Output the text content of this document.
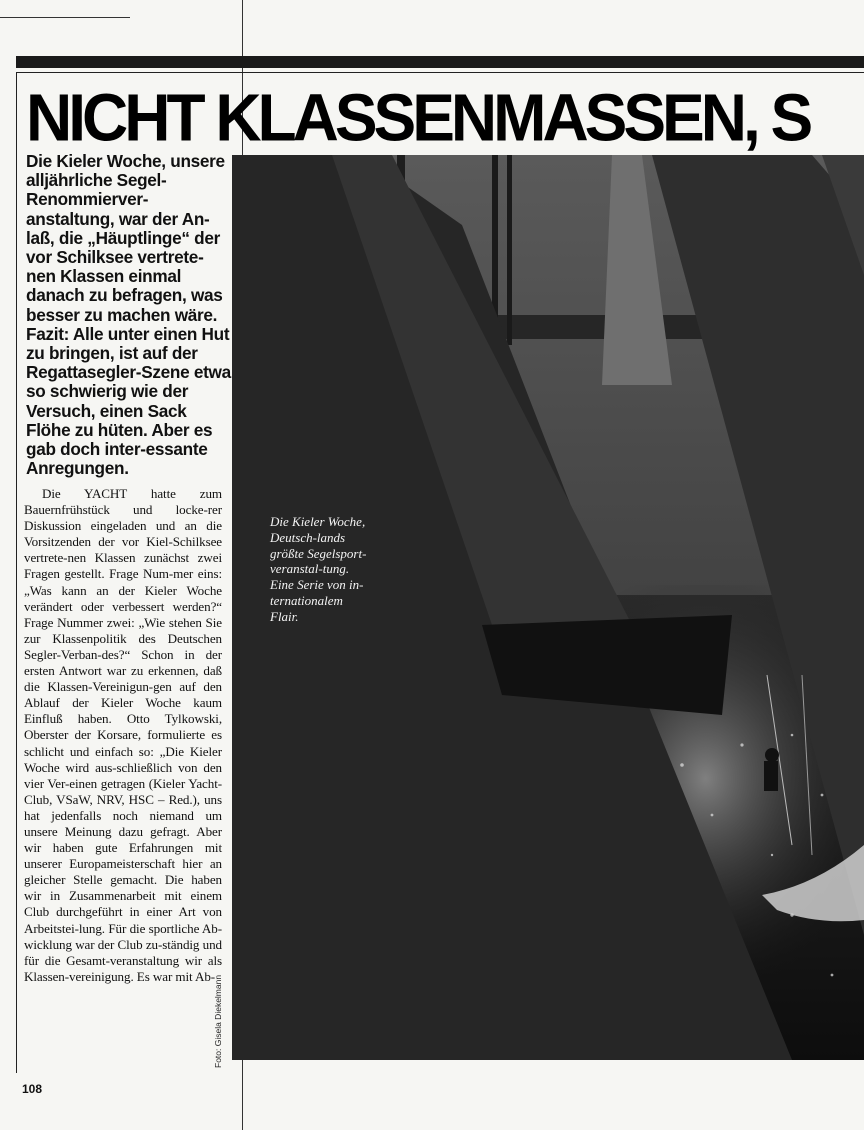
NICHT KLASSENMASSEN, S

Die Kieler Woche, unsere alljährliche Segel-Renommierver-anstaltung, war der An-laß, die „Häuptlinge“ der vor Schilksee vertrete-nen Klassen einmal danach zu befragen, was besser zu machen wäre. Fazit: Alle unter einen Hut zu bringen, ist auf der Regattasegler-Szene etwa so schwierig wie der Versuch, einen Sack Flöhe zu hüten. Aber es gab doch inter-essante Anregungen.

Die YACHT hatte zum Bauernfrühstück und locke-rer Diskussion eingeladen und an die Vorsitzenden der vor Kiel-Schilksee vertrete-nen Klassen zunächst zwei Fragen gestellt. Frage Num-mer eins: „Was kann an der Kieler Woche verändert oder verbessert werden?“ Frage Nummer zwei: „Wie stehen Sie zur Klassenpolitik des Deutschen Segler-Verban-des?“ Schon in der ersten Antwort war zu erkennen, daß die Klassen-Vereinigun-gen auf den Ablauf der Kieler Woche kaum Einfluß haben. Otto Tylkowski, Oberster der Korsare, formulierte es schlicht und einfach so: „Die Kieler Woche wird aus-schließlich von den vier Ver-einen getragen (Kieler Yacht-Club, VSaW, NRV, HSC – Red.), uns hat jedenfalls noch niemand um unsere Meinung dazu gefragt. Aber wir haben gute Erfahrungen mit unserer Europameisterschaft hier an gleicher Stelle gemacht. Die haben wir in Zusammenarbeit mit einem Club durchgeführt in einer Art von Arbeitstei-lung. Für die sportliche Ab-wicklung war der Club zu-ständig und für die Gesamt-veranstaltung wir als Klassen-vereinigung. Es war mit Ab-

Foto: Gisela Diekelmann

Die Kieler Woche, Deutsch-lands größte Segelsport-veranstal-tung. Eine Serie von in-ternationalem Flair.

108
